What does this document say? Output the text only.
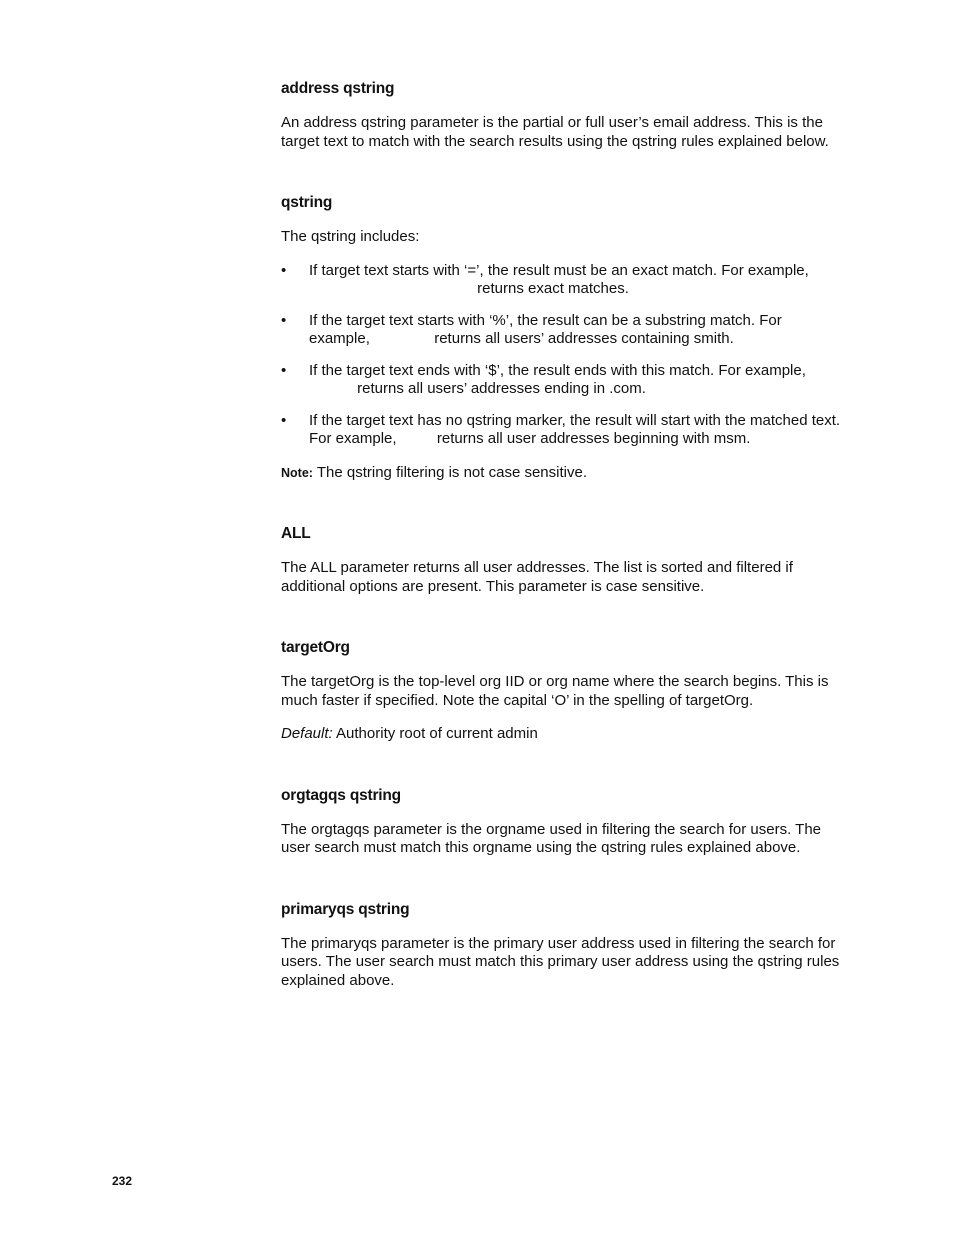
address qstring

An address qstring parameter is the partial or full user’s email address. This is the target text to match with the search results using the qstring rules explained below.

qstring

The qstring includes:

• If target text starts with ‘=’, the result must be an exact match. For example,  returns exact matches.
• If the target text starts with ‘%’, the result can be a substring match. For example,	returns all users’ addresses containing smith.
• If the target text ends with ‘$’, the result ends with this match. For example,  returns all users’ addresses ending in .com.
• If the target text has no qstring marker, the result will start with the matched text. For example,	returns all user addresses beginning with msm.

Note: The qstring filtering is not case sensitive.

ALL

The ALL parameter returns all user addresses. The list is sorted and filtered if additional options are present. This parameter is case sensitive.

targetOrg

The targetOrg is the top-level org IID or org name where the search begins. This is much faster if specified. Note the capital ‘O’ in the spelling of targetOrg.

Default: Authority root of current admin

orgtagqs qstring

The orgtagqs parameter is the orgname used in filtering the search for users. The user search must match this orgname using the qstring rules explained above.

primaryqs qstring

The primaryqs parameter is the primary user address used in filtering the search for users. The user search must match this primary user address using the qstring rules explained above.

232
